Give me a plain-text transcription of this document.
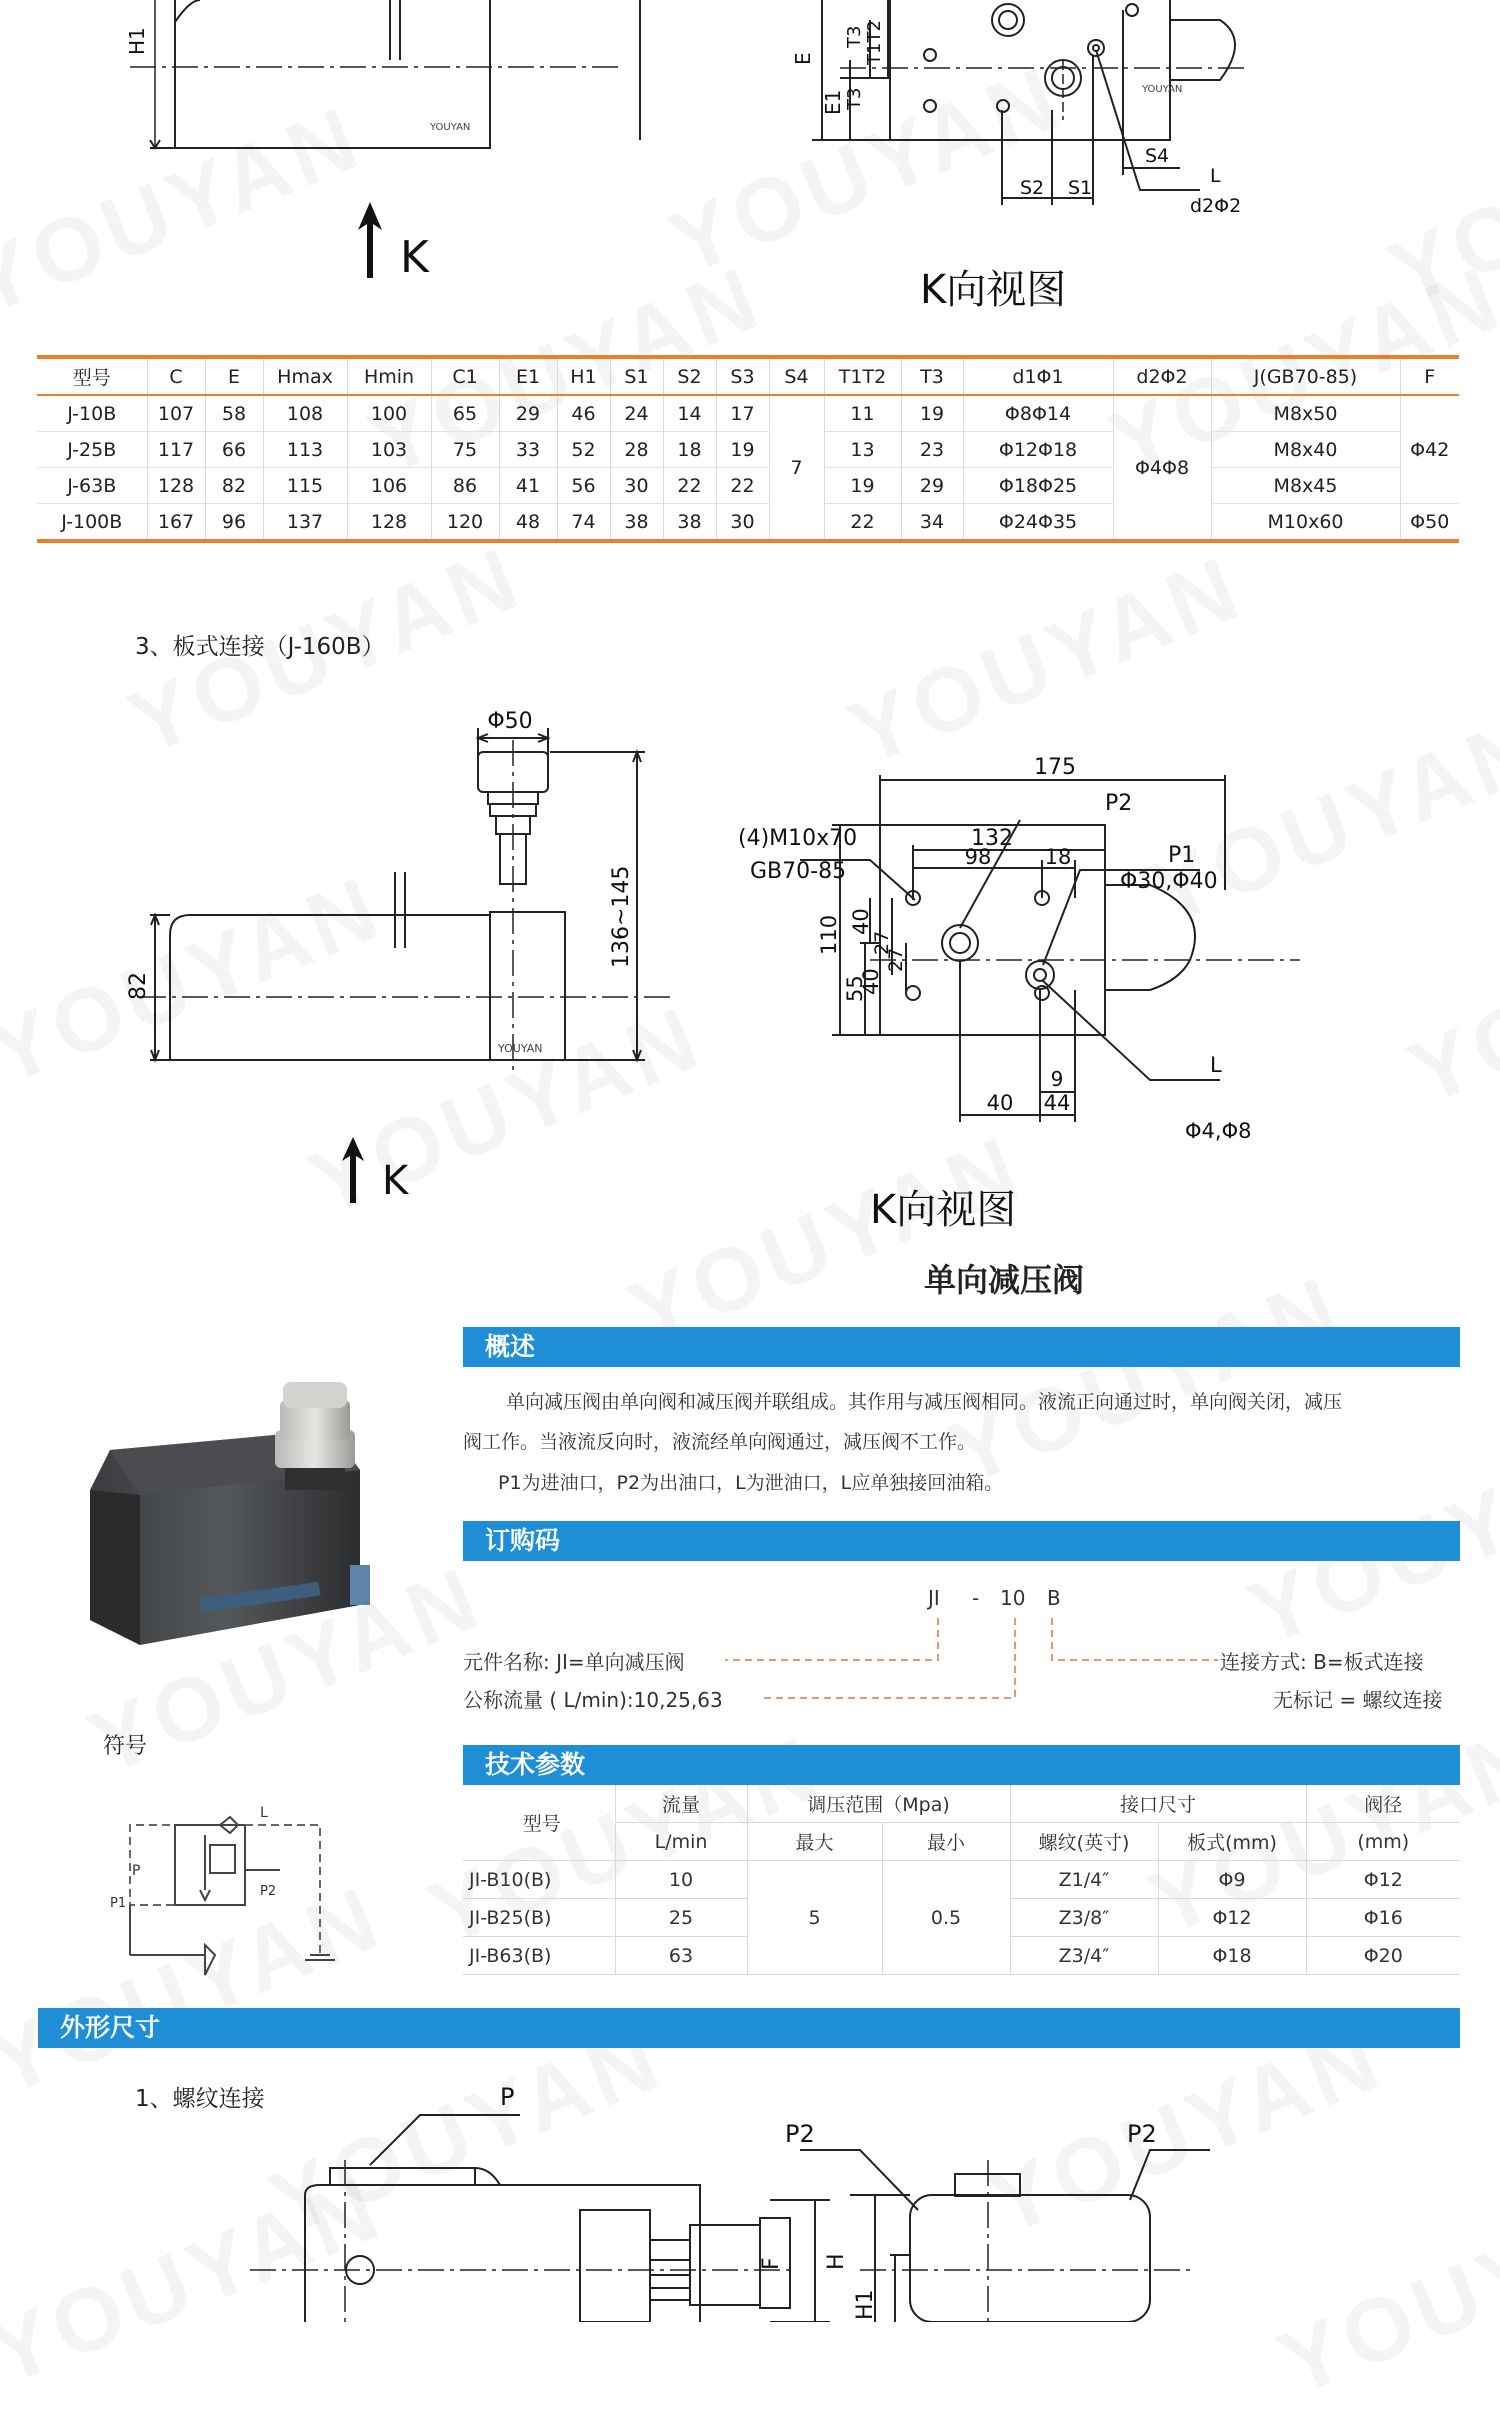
H1
YOUYAN
E
E1 T3
T1T2
T3
S2 S1
S4
L
d2Φ2
YOUYAN
K
K向视图
型号	C	E	Hmax	Hmin	C1	E1	H1	S1	S2	S3	S4	T1T2	T3	d1Φ1	d2Φ2	J(GB70-85)	F
J-10B	107	58	108	100	65	29	46	24	14	17	7	11	19	Φ8Φ14	Φ4Φ8	M8x50	Φ42
J-25B	117	66	113	103	75	33	52	28	18	19		13	23	Φ12Φ18		M8x40	
J-63B	128	82	115	106	86	41	56	30	22	22		19	29	Φ18Φ25		M8x45	
J-100B	167	96	137	128	120	48	74	38	38	30		22	34	Φ24Φ35		M10x60	Φ50
3、板式连接（J-160B）
Φ50
136~145
82
YOUYAN
K
175
P2
(4)M10x70
GB70-85
132
98	18	P1
Φ30,Φ40
110
55
40
40
27
27
9
40 44
L
Φ4,Φ8
K向视图
单向减压阀
概述
单向减压阀由单向阀和减压阀并联组成。其作用与减压阀相同。液流正向通过时，单向阀关闭，减压
阀工作。当液流反向时，液流经单向阀通过，减压阀不工作。
P1为进油口，P2为出油口，L为泄油口，L应单独接回油箱。
订购码
JI - 10 B
元件名称: JI=单向减压阀
公称流量 ( L/min):10,25,63
连接方式: B=板式连接
无标记 = 螺纹连接
符号
L
P
P1
P2
技术参数
型号	流量	调压范围（Mpa)		接口尺寸		阀径
	L/min	最大	最小	螺纹(英寸)	板式(mm)	(mm)
JI-B10(B)	10	5	0.5	Z1/4″	Φ9	Φ12
JI-B25(B)	25			Z3/8″	Φ12	Φ16
JI-B63(B)	63			Z3/4″	Φ18	Φ20
外形尺寸
1、螺纹连接	P
P2	P2
F H
H1
